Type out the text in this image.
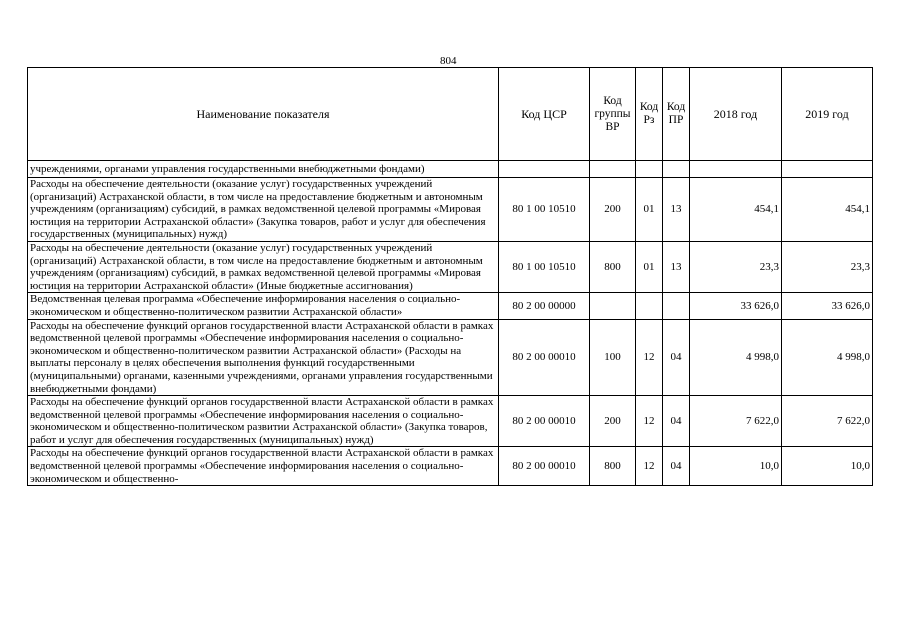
804
Наименование показателя	Код ЦСР	Код группы ВР	Код Рз	Код ПР	2018 год	2019 год
учреждениями, органами управления государственными внебюджетными фондами)						
Расходы на обеспечение деятельности (оказание услуг) государственных учреждений (организаций) Астраханской области, в том числе на предоставление бюджетным и автономным учреждениям (организациям) субсидий, в рамках ведомственной целевой программы «Мировая юстиция на территории Астраханской области» (Закупка товаров, работ и услуг для обеспечения государственных (муниципальных) нужд)	80 1 00 10510	200	01	13	454,1	454,1
Расходы на обеспечение деятельности (оказание услуг) государственных учреждений (организаций) Астраханской области, в том числе на предоставление бюджетным и автономным учреждениям (организациям) субсидий, в рамках ведомственной целевой программы «Мировая юстиция на территории Астраханской области» (Иные бюджетные ассигнования)	80 1 00 10510	800	01	13	23,3	23,3
Ведомственная целевая программа «Обеспечение информирования населения о социально-экономическом и общественно-политическом развитии Астраханской области»	80 2 00 00000				33 626,0	33 626,0
Расходы на обеспечение функций органов государственной власти Астраханской области в рамках ведомственной целевой программы «Обеспечение информирования населения о социально-экономическом и общественно-политическом развитии Астраханской области» (Расходы на выплаты персоналу в целях обеспечения выполнения функций государственными (муниципальными) органами, казенными учреждениями, органами управления государственными внебюджетными фондами)	80 2 00 00010	100	12	04	4 998,0	4 998,0
Расходы на обеспечение функций органов государственной власти Астраханской области в рамках ведомственной целевой программы «Обеспечение информирования населения о социально-экономическом и общественно-политическом развитии Астраханской области» (Закупка товаров, работ и услуг для обеспечения государственных (муниципальных) нужд)	80 2 00 00010	200	12	04	7 622,0	7 622,0
Расходы на обеспечение функций органов государственной власти Астраханской области в рамках ведомственной целевой программы «Обеспечение информирования населения о социально-экономическом и общественно-	80 2 00 00010	800	12	04	10,0	10,0
